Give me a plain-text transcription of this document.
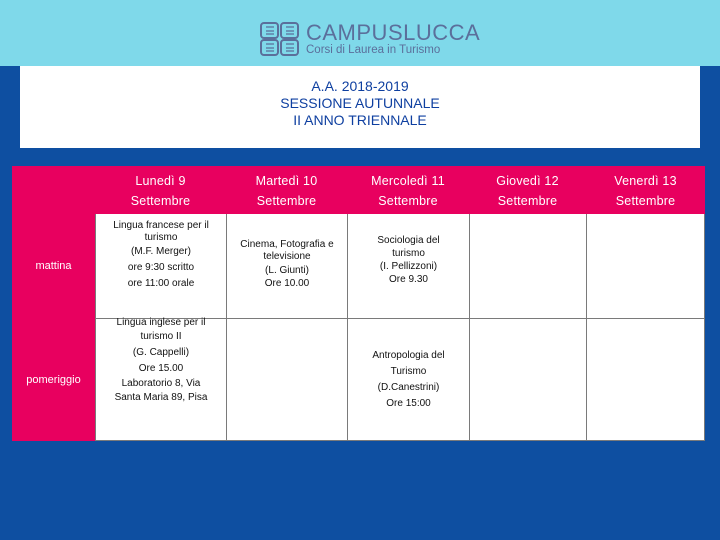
CAMPUSLUCCA
Corsi di Laurea in Turismo
A.A. 2018-2019
SESSIONE AUTUNNALE
II ANNO TRIENNALE
Lunedì 9
Settembre
Martedì 10
Settembre
Mercoledì 11
Settembre
Giovedì 12
Settembre
Venerdì 13
Settembre
mattina
pomeriggio
Lingua francese per il
turismo
(M.F. Merger)
ore 9:30 scritto
ore 11:00 orale
Cinema, Fotografia e
televisione
(L. Giunti)
Ore 10.00
Sociologia del
turismo
(I. Pellizzoni)
Ore 9.30
Lingua inglese per il
turismo II
(G. Cappelli)
Ore 15.00
Laboratorio 8, Via
Santa Maria 89, Pisa
Antropologia del
Turismo
(D.Canestrini)
Ore 15:00
